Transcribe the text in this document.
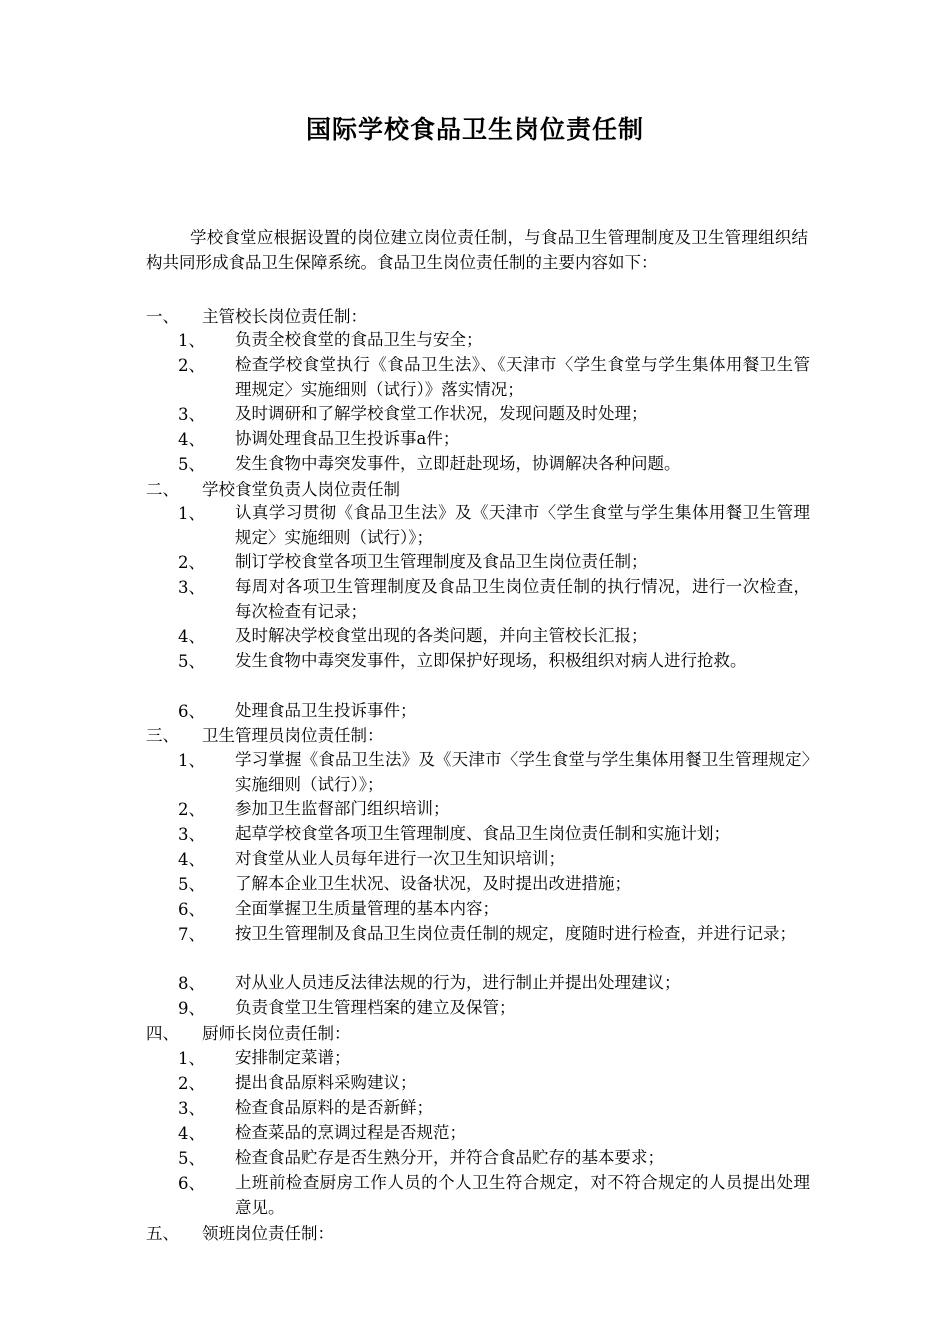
国际学校食品卫生岗位责任制
学校食堂应根据设置的岗位建立岗位责任制，与食品卫生管理制度及卫生管理组织结构共同形成食品卫生保障系统。食品卫生岗位责任制的主要内容如下：
一、 主管校长岗位责任制：
1、 负责全校食堂的食品卫生与安全；
2、 检查学校食堂执行《食品卫生法》、《天津市〈学生食堂与学生集体用餐卫生管理规定〉实施细则（试行）》落实情况；
3、 及时调研和了解学校食堂工作状况，发现问题及时处理；
4、 协调处理食品卫生投诉事a件；
5、 发生食物中毒突发事件，立即赶赴现场，协调解决各种问题。
二、 学校食堂负责人岗位责任制
1、 认真学习贯彻《食品卫生法》及《天津市〈学生食堂与学生集体用餐卫生管理规定〉实施细则（试行）》；
2、 制订学校食堂各项卫生管理制度及食品卫生岗位责任制；
3、 每周对各项卫生管理制度及食品卫生岗位责任制的执行情况，进行一次检查，每次检查有记录；
4、 及时解决学校食堂出现的各类问题，并向主管校长汇报；
5、 发生食物中毒突发事件，立即保护好现场，积极组织对病人进行抢救。
6、 处理食品卫生投诉事件；
三、 卫生管理员岗位责任制：
1、 学习掌握《食品卫生法》及《天津市〈学生食堂与学生集体用餐卫生管理规定〉实施细则（试行）》；
2、 参加卫生监督部门组织培训；
3、 起草学校食堂各项卫生管理制度、食品卫生岗位责任制和实施计划；
4、 对食堂从业人员每年进行一次卫生知识培训；
5、 了解本企业卫生状况、设备状况，及时提出改进措施；
6、 全面掌握卫生质量管理的基本内容；
7、 按卫生管理制及食品卫生岗位责任制的规定，度随时进行检查，并进行记录；
8、 对从业人员违反法律法规的行为，进行制止并提出处理建议；
9、 负责食堂卫生管理档案的建立及保管；
四、 厨师长岗位责任制：
1、 安排制定菜谱；
2、 提出食品原料采购建议；
3、 检查食品原料的是否新鲜；
4、 检查菜品的烹调过程是否规范；
5、 检查食品贮存是否生熟分开，并符合食品贮存的基本要求；
6、 上班前检查厨房工作人员的个人卫生符合规定，对不符合规定的人员提出处理意见。
五、 领班岗位责任制：
